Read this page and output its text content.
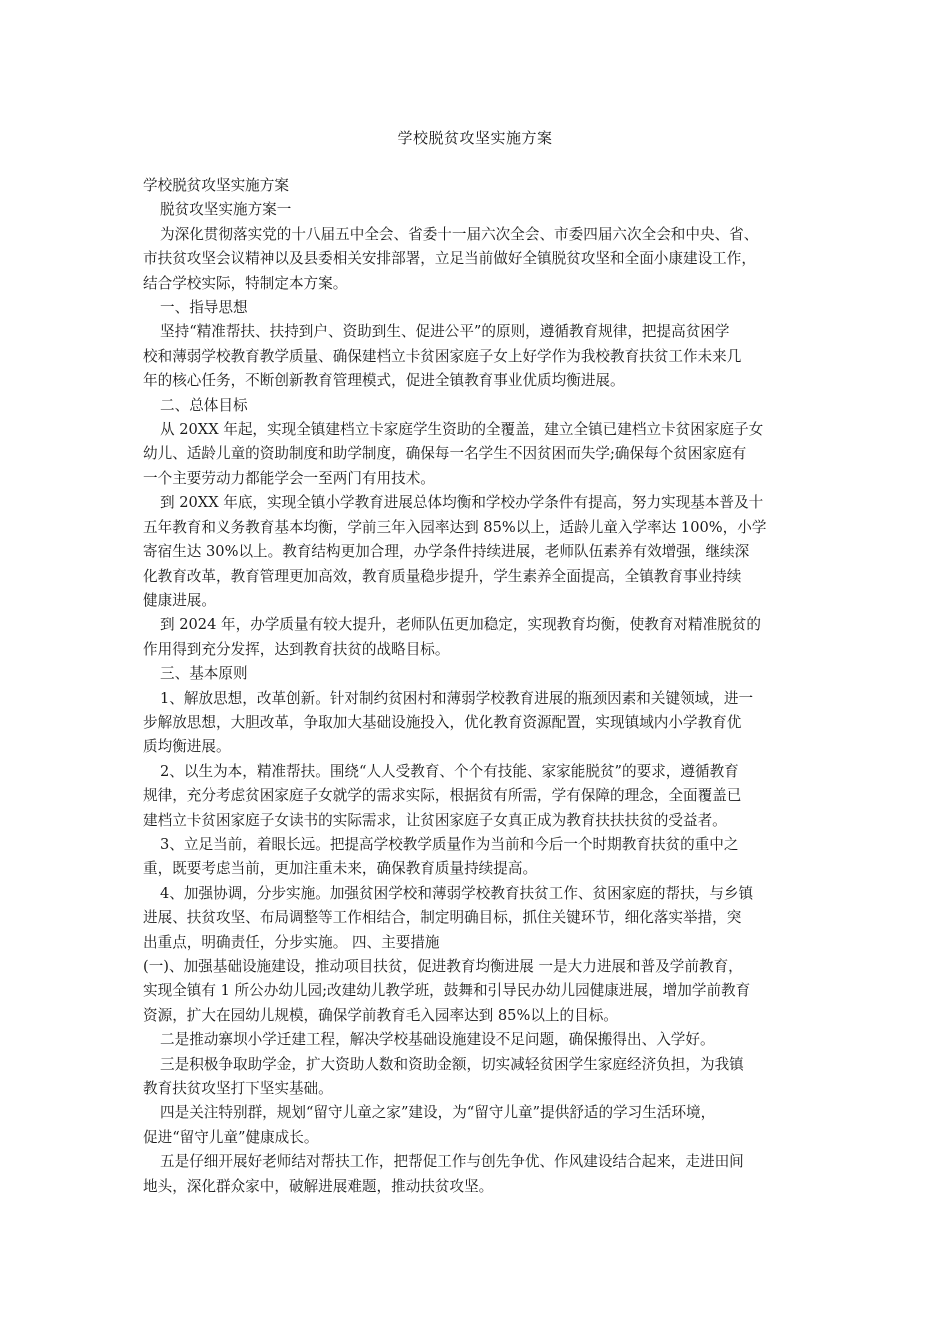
学校脱贫攻坚实施方案
学校脱贫攻坚实施方案
脱贫攻坚实施方案一
为深化贯彻落实党的十八届五中全会、省委十一届六次全会、市委四届六次全会和中央、省、
市扶贫攻坚会议精神以及县委相关安排部署，立足当前做好全镇脱贫攻坚和全面小康建设工作，
结合学校实际，特制定本方案。
一、指导思想
坚持“精准帮扶、扶持到户、资助到生、促进公平”的原则，遵循教育规律，把提高贫困学
校和薄弱学校教育教学质量、确保建档立卡贫困家庭子女上好学作为我校教育扶贫工作未来几
年的核心任务，不断创新教育管理模式，促进全镇教育事业优质均衡进展。
二、总体目标
从 20XX 年起，实现全镇建档立卡家庭学生资助的全覆盖，建立全镇已建档立卡贫困家庭子女
幼儿、适龄儿童的资助制度和助学制度，确保每一名学生不因贫困而失学;确保每个贫困家庭有
一个主要劳动力都能学会一至两门有用技术。
到 20XX 年底，实现全镇小学教育进展总体均衡和学校办学条件有提高，努力实现基本普及十
五年教育和义务教育基本均衡，学前三年入园率达到 85%以上，适龄儿童入学率达 100%，小学
寄宿生达 30%以上。教育结构更加合理，办学条件持续进展，老师队伍素养有效增强，继续深
化教育改革，教育管理更加高效，教育质量稳步提升，学生素养全面提高，全镇教育事业持续
健康进展。
到 2024 年，办学质量有较大提升，老师队伍更加稳定，实现教育均衡，使教育对精准脱贫的
作用得到充分发挥，达到教育扶贫的战略目标。
三、基本原则
1、解放思想，改革创新。针对制约贫困村和薄弱学校教育进展的瓶颈因素和关键领域，进一
步解放思想，大胆改革，争取加大基础设施投入，优化教育资源配置，实现镇域内小学教育优
质均衡进展。
2、以生为本，精准帮扶。围绕“人人受教育、个个有技能、家家能脱贫”的要求，遵循教育
规律，充分考虑贫困家庭子女就学的需求实际，根据贫有所需，学有保障的理念，全面覆盖已
建档立卡贫困家庭子女读书的实际需求，让贫困家庭子女真正成为教育扶扶扶贫的受益者。
3、立足当前，着眼长远。把提高学校教学质量作为当前和今后一个时期教育扶贫的重中之
重，既要考虑当前，更加注重未来，确保教育质量持续提高。
4、加强协调，分步实施。加强贫困学校和薄弱学校教育扶贫工作、贫困家庭的帮扶，与乡镇
进展、扶贫攻坚、布局调整等工作相结合，制定明确目标，抓住关键环节，细化落实举措，突
出重点，明确责任，分步实施。 四、主要措施
(一)、加强基础设施建设，推动项目扶贫，促进教育均衡进展 一是大力进展和普及学前教育，
实现全镇有 1 所公办幼儿园;改建幼儿教学班，鼓舞和引导民办幼儿园健康进展，增加学前教育
资源，扩大在园幼儿规模，确保学前教育毛入园率达到 85%以上的目标。
二是推动寨坝小学迁建工程，解决学校基础设施建设不足问题，确保搬得出、入学好。
三是积极争取助学金，扩大资助人数和资助金额，切实减轻贫困学生家庭经济负担，为我镇
教育扶贫攻坚打下坚实基础。
四是关注特别群，规划“留守儿童之家”建设，为“留守儿童”提供舒适的学习生活环境，
促进“留守儿童”健康成长。
五是仔细开展好老师结对帮扶工作，把帮促工作与创先争优、作风建设结合起来，走进田间
地头，深化群众家中，破解进展难题，推动扶贫攻坚。
